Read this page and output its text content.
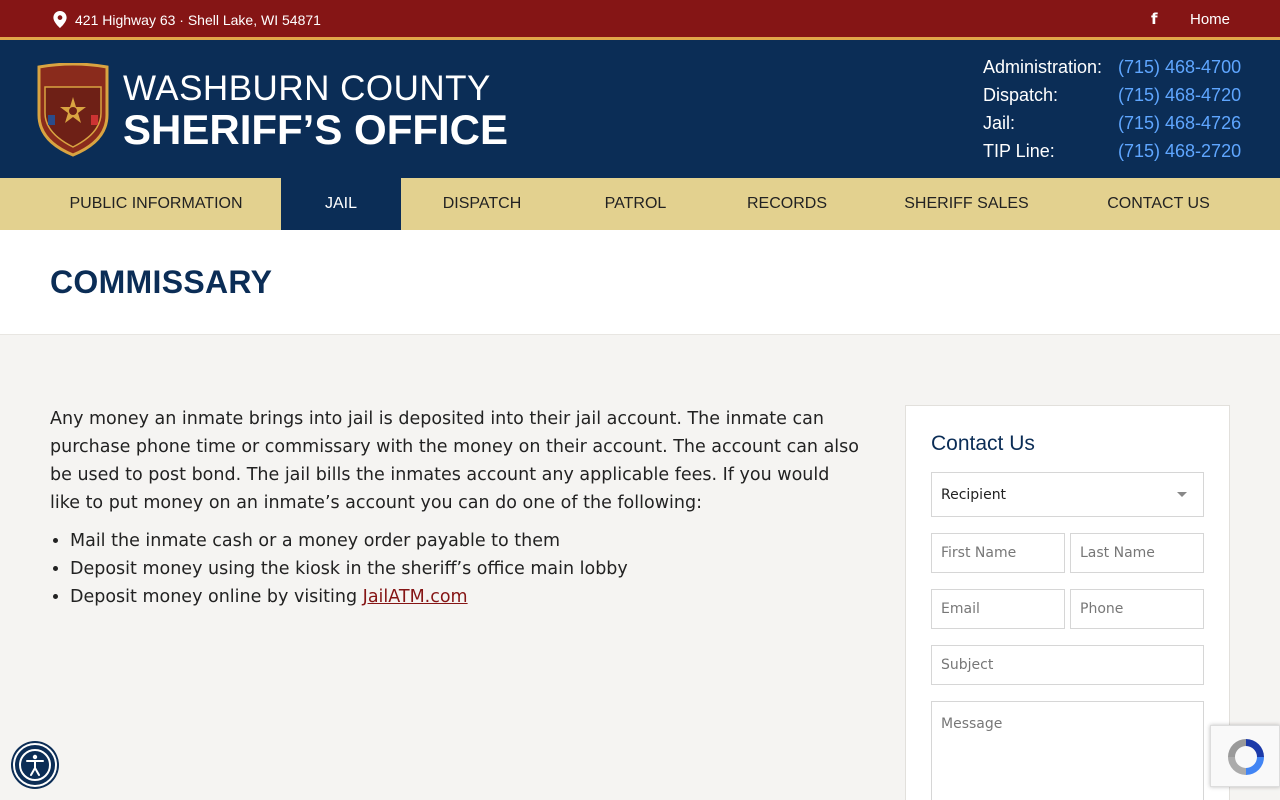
421 Highway 63 · Shell Lake, WI 54871	f Home
WASHBURN COUNTY
SHERIFF’S OFFICE
Administration: (715) 468-4700
Dispatch:	(715) 468-4720
Jail:	(715) 468-4726
TIP Line:	(715) 468-2720
PUBLIC INFORMATION	JAIL	DISPATCH	PATROL	RECORDS	SHERIFF SALES	CONTACT US
COMMISSARY

Any money an inmate brings into jail is deposited into their jail account. The inmate can purchase phone time or commissary with the money on their account. The account can also be used to post bond. The jail bills the inmates account any applicable fees. If you would like to put money on an inmate’s account you can do one of the following:

• Mail the inmate cash or a money order payable to them
• Deposit money using the kiosk in the sheriff’s office main lobby
• Deposit money online by visiting JailATM.com
Contact Us
Recipient
First Name	Last Name
Email	Phone
Subject
Message
